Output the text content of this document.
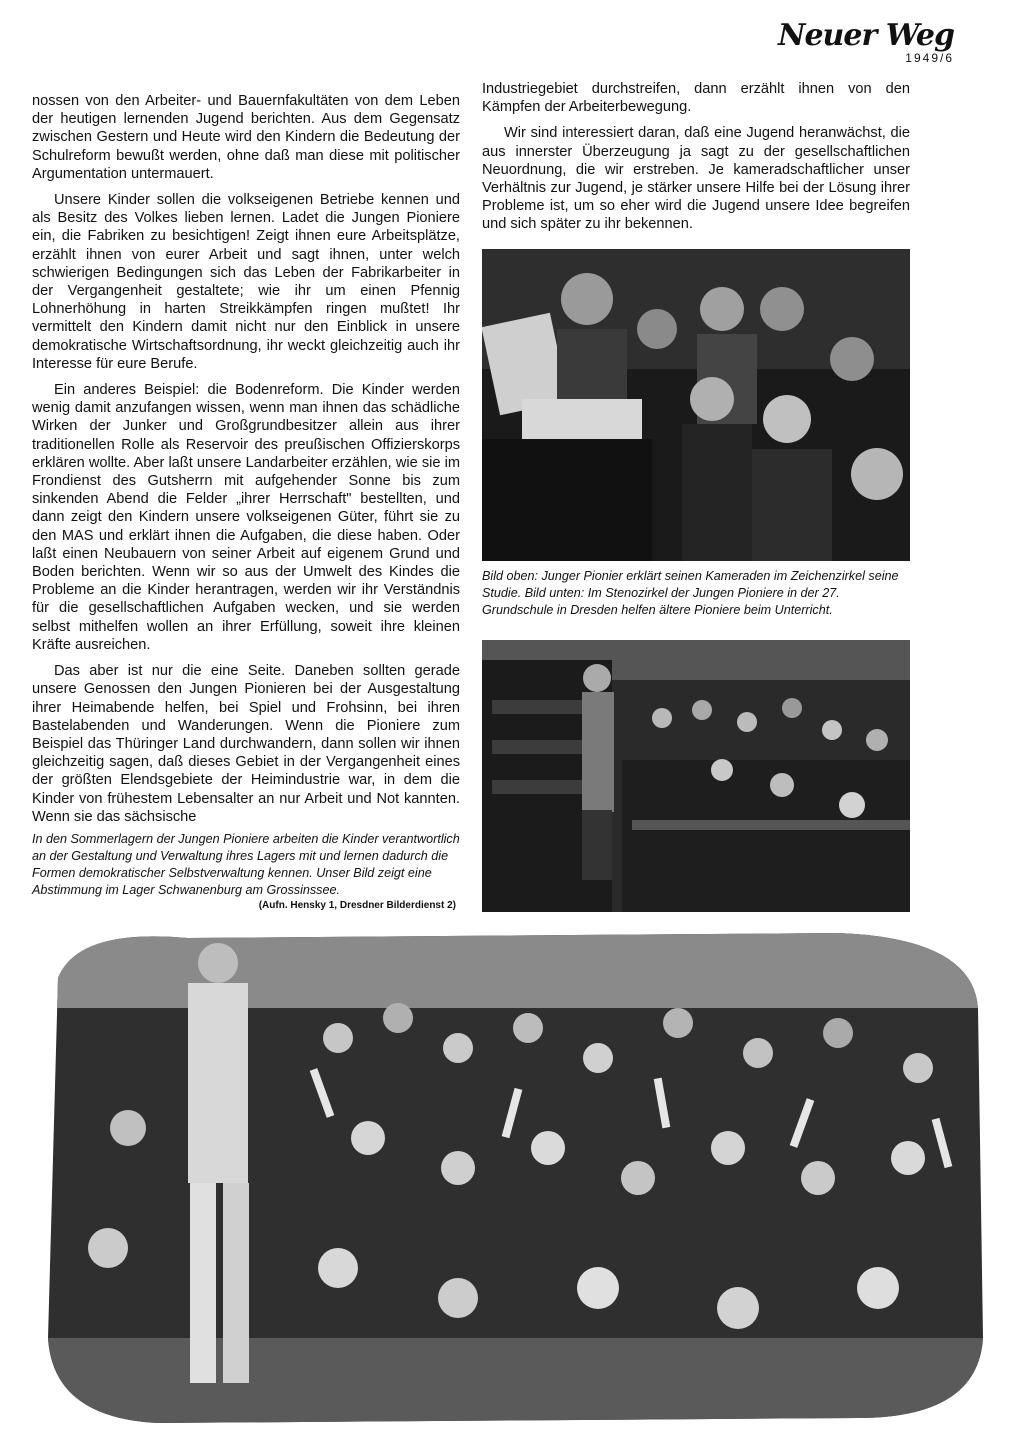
Neuer Weg
1949/6

nossen von den Arbeiter- und Bauernfakultäten von dem Leben der heutigen lernenden Jugend berichten. Aus dem Gegensatz zwischen Gestern und Heute wird den Kindern die Bedeutung der Schulreform bewußt werden, ohne daß man diese mit politischer Argumentation untermauert.

Unsere Kinder sollen die volkseigenen Betriebe kennen und als Besitz des Volkes lieben lernen. Ladet die Jungen Pioniere ein, die Fabriken zu besichtigen! Zeigt ihnen eure Arbeitsplätze, erzählt ihnen von eurer Arbeit und sagt ihnen, unter welch schwierigen Bedingungen sich das Leben der Fabrikarbeiter in der Vergangenheit gestaltete; wie ihr um einen Pfennig Lohnerhöhung in harten Streikkämpfen ringen mußtet! Ihr vermittelt den Kindern damit nicht nur den Einblick in unsere demokratische Wirtschaftsordnung, ihr weckt gleichzeitig auch ihr Interesse für eure Berufe.

Ein anderes Beispiel: die Bodenreform. Die Kinder werden wenig damit anzufangen wissen, wenn man ihnen das schädliche Wirken der Junker und Großgrundbesitzer allein aus ihrer traditionellen Rolle als Reservoir des preußischen Offizierskorps erklären wollte. Aber laßt unsere Landarbeiter erzählen, wie sie im Frondienst des Gutsherrn mit aufgehender Sonne bis zum sinkenden Abend die Felder „ihrer Herrschaft" bestellten, und dann zeigt den Kindern unsere volkseigenen Güter, führt sie zu den MAS und erklärt ihnen die Aufgaben, die diese haben. Oder laßt einen Neubauern von seiner Arbeit auf eigenem Grund und Boden berichten. Wenn wir so aus der Umwelt des Kindes die Probleme an die Kinder herantragen, werden wir ihr Verständnis für die gesellschaftlichen Aufgaben wecken, und sie werden selbst mithelfen wollen an ihrer Erfüllung, soweit ihre kleinen Kräfte ausreichen.

Das aber ist nur die eine Seite. Daneben sollten gerade unsere Genossen den Jungen Pionieren bei der Ausgestaltung ihrer Heimabende helfen, bei Spiel und Frohsinn, bei ihren Bastelabenden und Wanderungen. Wenn die Pioniere zum Beispiel das Thüringer Land durchwandern, dann sollen wir ihnen gleichzeitig sagen, daß dieses Gebiet in der Vergangenheit eines der größten Elendsgebiete der Heimindustrie war, in dem die Kinder von frühestem Lebensalter an nur Arbeit und Not kannten. Wenn sie das sächsische

Industriegebiet durchstreifen, dann erzählt ihnen von den Kämpfen der Arbeiterbewegung.

Wir sind interessiert daran, daß eine Jugend heranwächst, die aus innerster Überzeugung ja sagt zu der gesellschaftlichen Neuordnung, die wir erstreben. Je kameradschaftlicher unser Verhältnis zur Jugend, je stärker unsere Hilfe bei der Lösung ihrer Probleme ist, um so eher wird die Jugend unsere Idee begreifen und sich später zu ihr bekennen.

Bild oben: Junger Pionier erklärt seinen Kameraden im Zeichenzirkel seine Studie. Bild unten: Im Stenozirkel der Jungen Pioniere in der 27. Grundschule in Dresden helfen ältere Pioniere beim Unterricht.
In den Sommerlagern der Jungen Pioniere arbeiten die Kinder verantwortlich an der Gestaltung und Verwaltung ihres Lagers mit und lernen dadurch die Formen demokratischer Selbstverwaltung kennen. Unser Bild zeigt eine Abstimmung im Lager Schwanenburg am Grossinssee.
(Aufn. Hensky 1, Dresdner Bilderdienst 2)
